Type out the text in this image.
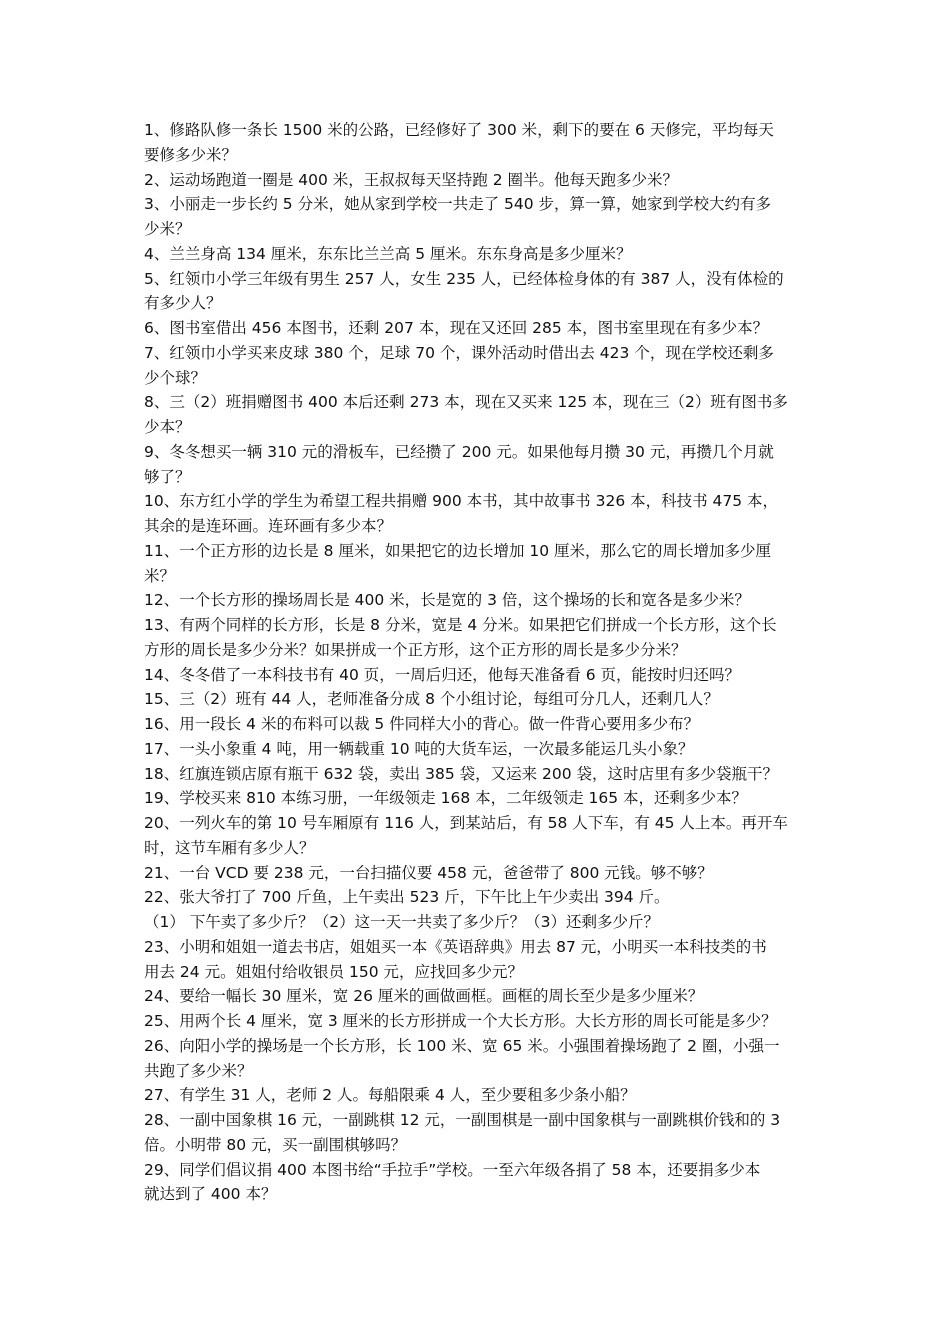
1、修路队修一条长 1500 米的公路，已经修好了 300 米，剩下的要在 6 天修完，平均每天
要修多少米？
2、运动场跑道一圈是 400 米，王叔叔每天坚持跑 2 圈半。他每天跑多少米？
3、小丽走一步长约 5 分米，她从家到学校一共走了 540 步，算一算，她家到学校大约有多
少米？
4、兰兰身高 134 厘米，东东比兰兰高 5 厘米。东东身高是多少厘米？
5、红领巾小学三年级有男生 257 人，女生 235 人，已经体检身体的有 387 人，没有体检的
有多少人？
6、图书室借出 456 本图书，还剩 207 本，现在又还回 285 本，图书室里现在有多少本？
7、红领巾小学买来皮球 380 个，足球 70 个，课外活动时借出去 423 个，现在学校还剩多
少个球？
8、三（2）班捐赠图书 400 本后还剩 273 本，现在又买来 125 本，现在三（2）班有图书多
少本？
9、冬冬想买一辆 310 元的滑板车，已经攒了 200 元。如果他每月攒 30 元，再攒几个月就
够了？
10、东方红小学的学生为希望工程共捐赠 900 本书，其中故事书 326 本，科技书 475 本，
其余的是连环画。连环画有多少本？
11、一个正方形的边长是 8 厘米，如果把它的边长增加 10 厘米，那么它的周长增加多少厘
米？
12、一个长方形的操场周长是 400 米，长是宽的 3 倍，这个操场的长和宽各是多少米？
13、有两个同样的长方形，长是 8 分米，宽是 4 分米。如果把它们拼成一个长方形，这个长
方形的周长是多少分米？如果拼成一个正方形，这个正方形的周长是多少分米？
14、冬冬借了一本科技书有 40 页，一周后归还，他每天准备看 6 页，能按时归还吗？
15、三（2）班有 44 人，老师准备分成 8 个小组讨论，每组可分几人，还剩几人？
16、用一段长 4 米的布料可以裁 5 件同样大小的背心。做一件背心要用多少布？
17、一头小象重 4 吨，用一辆载重 10 吨的大货车运，一次最多能运几头小象？
18、红旗连锁店原有瓶干 632 袋，卖出 385 袋，又运来 200 袋，这时店里有多少袋瓶干？
19、学校买来 810 本练习册，一年级领走 168 本，二年级领走 165 本，还剩多少本？
20、一列火车的第 10 号车厢原有 116 人，到某站后，有 58 人下车，有 45 人上本。再开车
时，这节车厢有多少人？
21、一台 VCD 要 238 元，一台扫描仪要 458 元，爸爸带了 800 元钱。够不够？
22、张大爷打了 700 斤鱼，上午卖出 523 斤，下午比上午少卖出 394 斤。
（1） 下午卖了多少斤？（2）这一天一共卖了多少斤？（3）还剩多少斤？
23、小明和姐姐一道去书店，姐姐买一本《英语辞典》用去 87 元，小明买一本科技类的书
用去 24 元。姐姐付给收银员 150 元，应找回多少元？
24、要给一幅长 30 厘米，宽 26 厘米的画做画框。画框的周长至少是多少厘米？
25、用两个长 4 厘米，宽 3 厘米的长方形拼成一个大长方形。大长方形的周长可能是多少？
26、向阳小学的操场是一个长方形，长 100 米、宽 65 米。小强围着操场跑了 2 圈，小强一
共跑了多少米？
27、有学生 31 人，老师 2 人。每船限乘 4 人，至少要租多少条小船？
28、一副中国象棋 16 元，一副跳棋 12 元，一副围棋是一副中国象棋与一副跳棋价钱和的 3
倍。小明带 80 元，买一副围棋够吗？
29、同学们倡议捐 400 本图书给“手拉手”学校。一至六年级各捐了 58 本，还要捐多少本
就达到了 400 本？
